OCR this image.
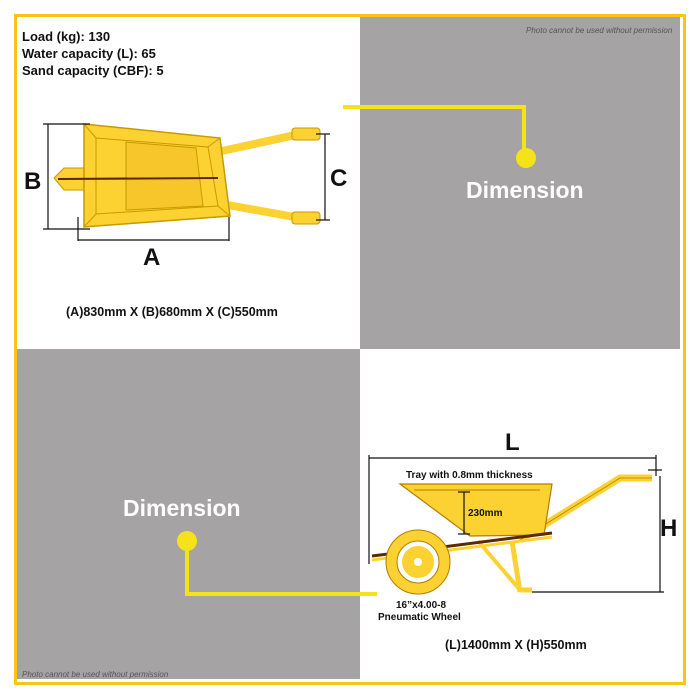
Load (kg): 130
Water capacity (L): 65
Sand capacity (CBF): 5
Photo cannot be used without permission
Photo cannot be used without permission
B
A
C
L
H
Tray with 0.8mm thickness
230mm
16”x4.00-8
Pneumatic Wheel
Dimension
Dimension
(A)830mm X (B)680mm X (C)550mm
(L)1400mm X (H)550mm
